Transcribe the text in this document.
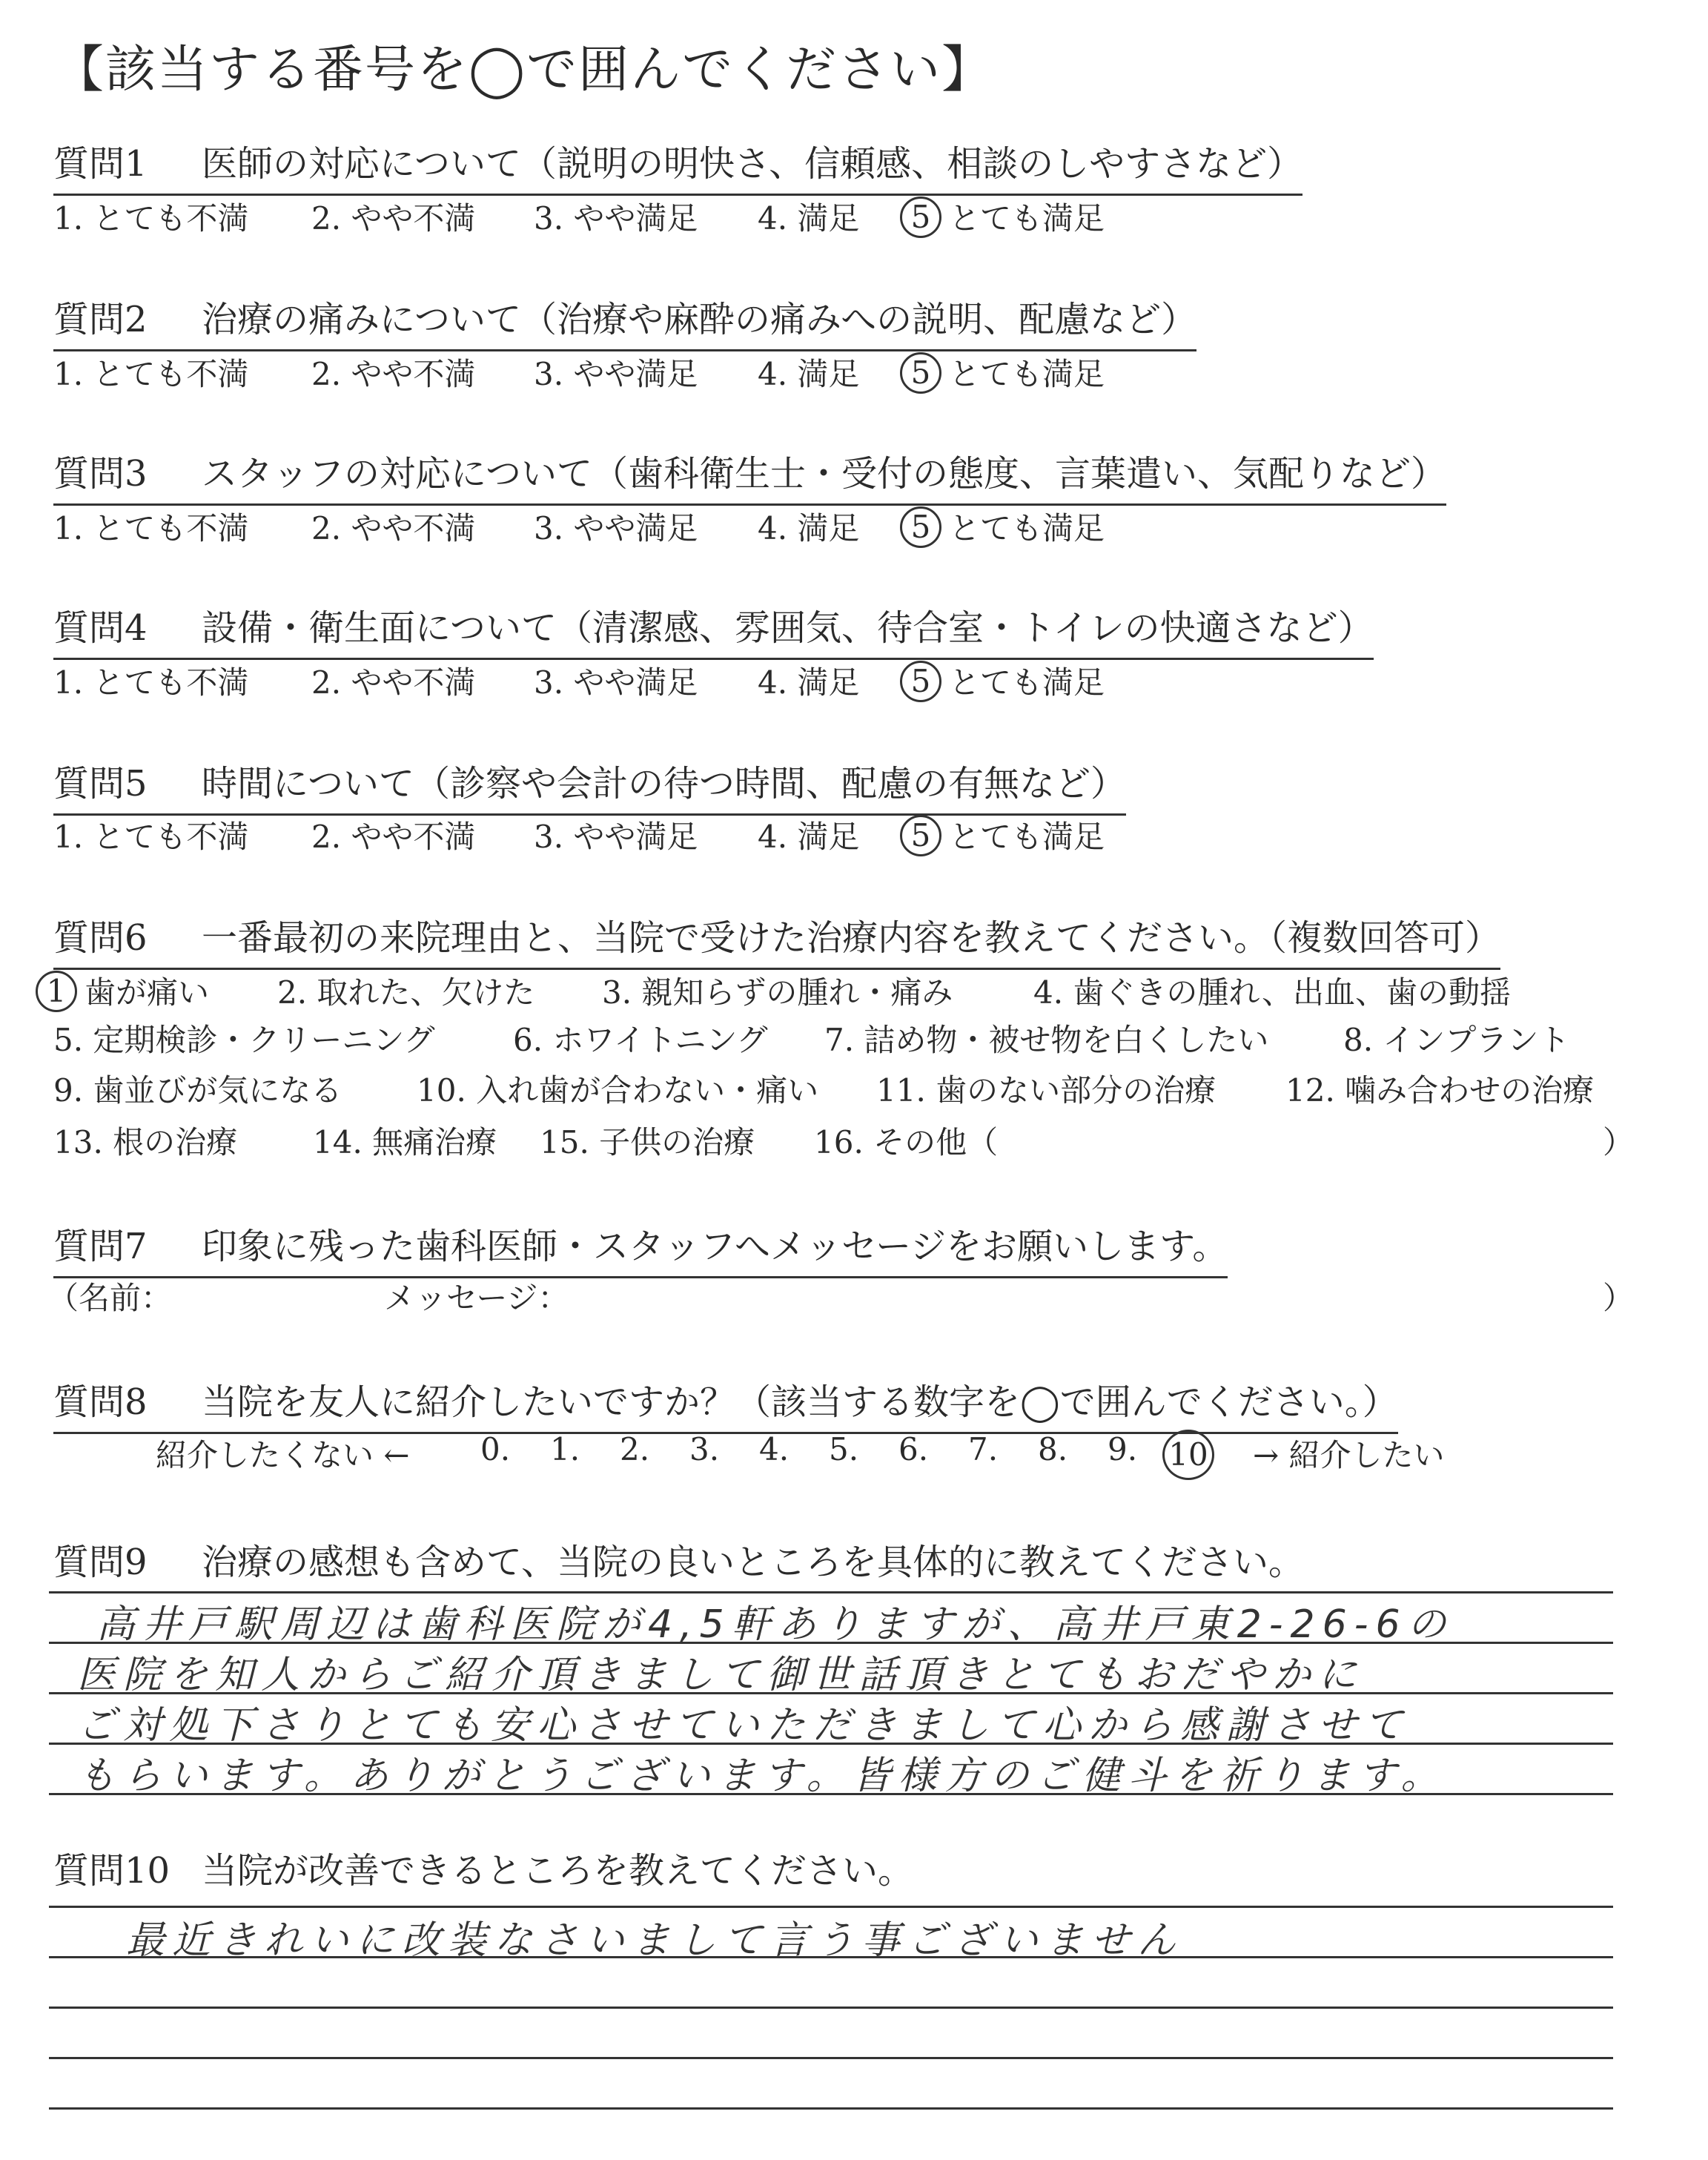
【該当する番号を◯で囲んでください】
質問1 医師の対応について（説明の明快さ、信頼感、相談のしやすさなど）
1. とても不満 2. やや不満 3. やや満足 4. 満足	5 とても満足
質問2 治療の痛みについて（治療や麻酔の痛みへの説明、配慮など）
1. とても不満 2. やや不満 3. やや満足 4. 満足	5 とても満足
質問3 スタッフの対応について（歯科衛生士・受付の態度、言葉遣い、気配りなど）
1. とても不満 2. やや不満 3. やや満足 4. 満足	5 とても満足
質問4 設備・衛生面について（清潔感、雰囲気、待合室・トイレの快適さなど）
1. とても不満 2. やや不満 3. やや満足 4. 満足	5 とても満足
質問5 時間について（診察や会計の待つ時間、配慮の有無など）
1. とても不満 2. やや不満 3. やや満足 4. 満足	5 とても満足
質問6 一番最初の来院理由と、当院で受けた治療内容を教えてください。（複数回答可）
1 歯が痛い 2. 取れた、欠けた 3. 親知らずの腫れ・痛み	4. 歯ぐきの腫れ、出血、歯の動揺
5. 定期検診・クリーニング	6. ホワイトニング 7. 詰め物・被せ物を白くしたい 8. インプラント
9. 歯並びが気になる 10. 入れ歯が合わない・痛い 11. 歯のない部分の治療 12. 噛み合わせの治療
13. 根の治療 14. 無痛治療 15. 子供の治療 16. その他（	）
質問7 印象に残った歯科医師・スタッフへメッセージをお願いします。
（名前：	メッセージ：	）
質問8 当院を友人に紹介したいですか？（該当する数字を◯で囲んでください。）
紹介したくない ← 0. 1. 2. 3. 4. 5. 6. 7. 8. 9. 10	→ 紹介したい
質問9 治療の感想も含めて、当院の良いところを具体的に教えてください。
高井戸駅周辺は歯科医院が4,5軒ありますが、高井戸東2-26-6の
医院を知人からご紹介頂きまして御世話頂きとてもおだやかに
ご対処下さりとても安心させていただきまして心から感謝させて
もらいます。ありがとうございます。皆様方のご健斗を祈ります。
質問10 当院が改善できるところを教えてください。
最近きれいに改装なさいまして言う事ございません
